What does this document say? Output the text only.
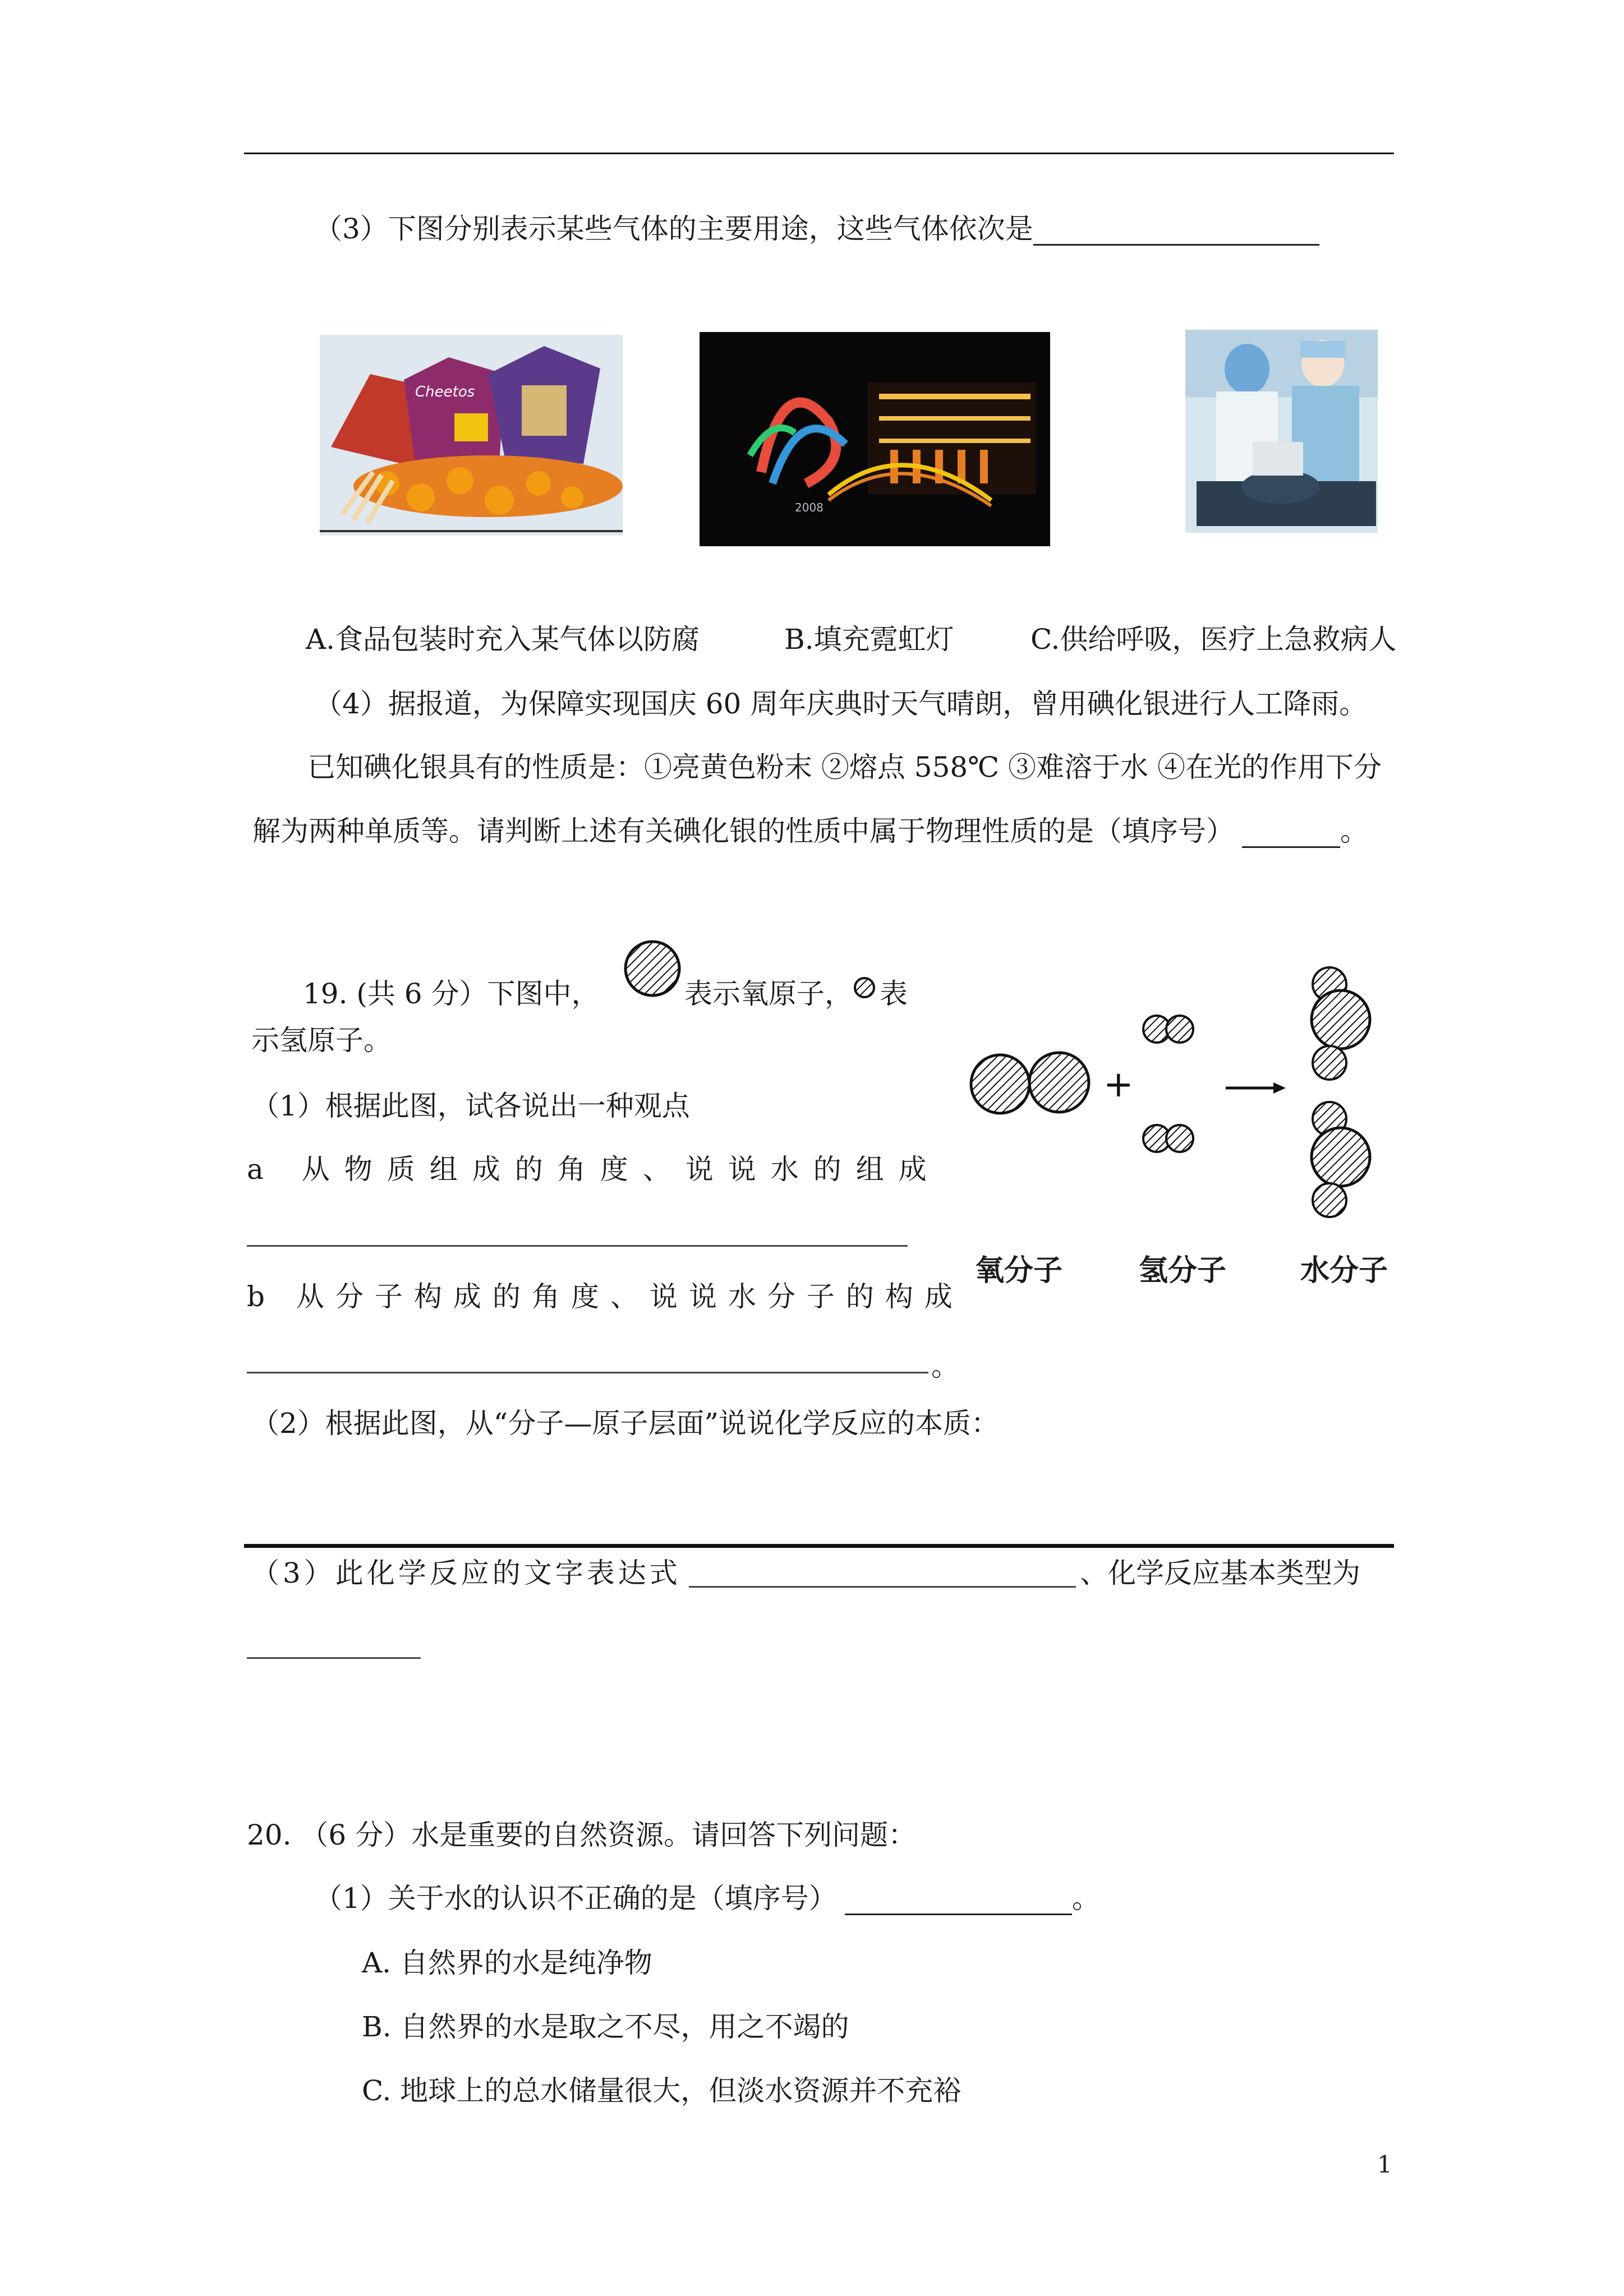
（3）下图分别表示某些气体的主要用途，这些气体依次是
Cheetos
2008
A.食品包装时充入某气体以防腐	B.填充霓虹灯	C.供给呼吸，医疗上急救病人
（4）据报道，为保障实现国庆 60 周年庆典时天气晴朗，曾用碘化银进行人工降雨。
已知碘化银具有的性质是：①亮黄色粉末 ②熔点 558℃ ③难溶于水 ④在光的作用下分
解为两种单质等。请判断上述有关碘化银的性质中属于物理性质的是（填序号）	。
19. (共 6 分）下图中，	表示氧原子， 表
示氢原子。
（1）根据此图，试各说出一种观点
a 从物质组成的角度、说说水的组成
b 从分子构成的角度、说说水分子的构成
。
（2）根据此图，从“分子—原子层面”说说化学反应的本质：
（3）此化学反应的文字表达式	、化学反应基本类型为
+
氧分子	氢分子	水分子
20. （6 分）水是重要的自然资源。请回答下列问题：
（1）关于水的认识不正确的是（填序号）	。
A. 自然界的水是纯净物
B. 自然界的水是取之不尽，用之不竭的
C. 地球上的总水储量很大，但淡水资源并不充裕
1
